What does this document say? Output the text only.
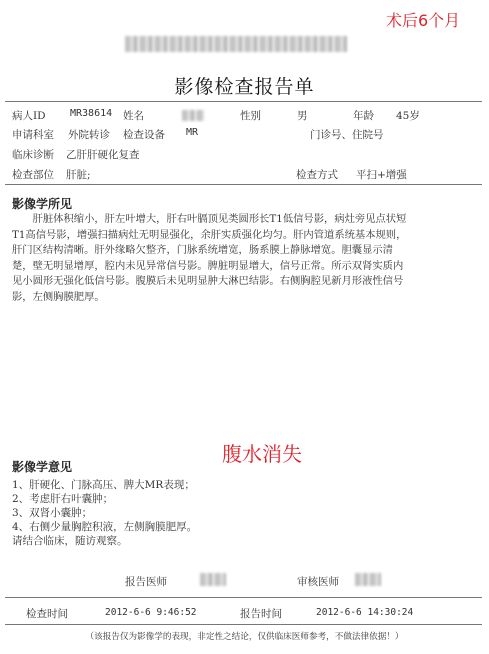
术后6个月
腹水消失
影像检查报告单
病人ID MR38614 姓名	性别	男	年龄 45岁
申请科室 外院转诊 检查设备 MR	门诊号、住院号
临床诊断 乙肝肝硬化复查
检查部位 肝脏;	检查方式 平扫+增强
影像学所见
　　肝脏体积缩小，肝左叶增大，肝右叶膈顶见类圆形长T1低信号影，病灶旁见点状短
T1高信号影，增强扫描病灶无明显强化，余肝实质强化均匀。肝内管道系统基本规则，
肝门区结构清晰。肝外缘略欠整齐，门脉系统增宽，肠系膜上静脉增宽。胆囊显示清
楚，壁无明显增厚，腔内未见异常信号影。脾脏明显增大，信号正常。所示双肾实质内
见小圆形无强化低信号影。腹膜后未见明显肿大淋巴结影。右侧胸腔见新月形液性信号
影，左侧胸膜肥厚。
影像学意见
1、肝硬化、门脉高压、脾大MR表现；
2、考虑肝右叶囊肿；
3、双肾小囊肿；
4、右侧少量胸腔积液，左侧胸膜肥厚。
请结合临床，随访观察。
报告医师	审核医师
检查时间	2012-6-6 9:46:52	报告时间	2012-6-6 14:30:24
（该报告仅为影像学的表现，非定性之结论，仅供临床医师参考，不做法律依据！）
